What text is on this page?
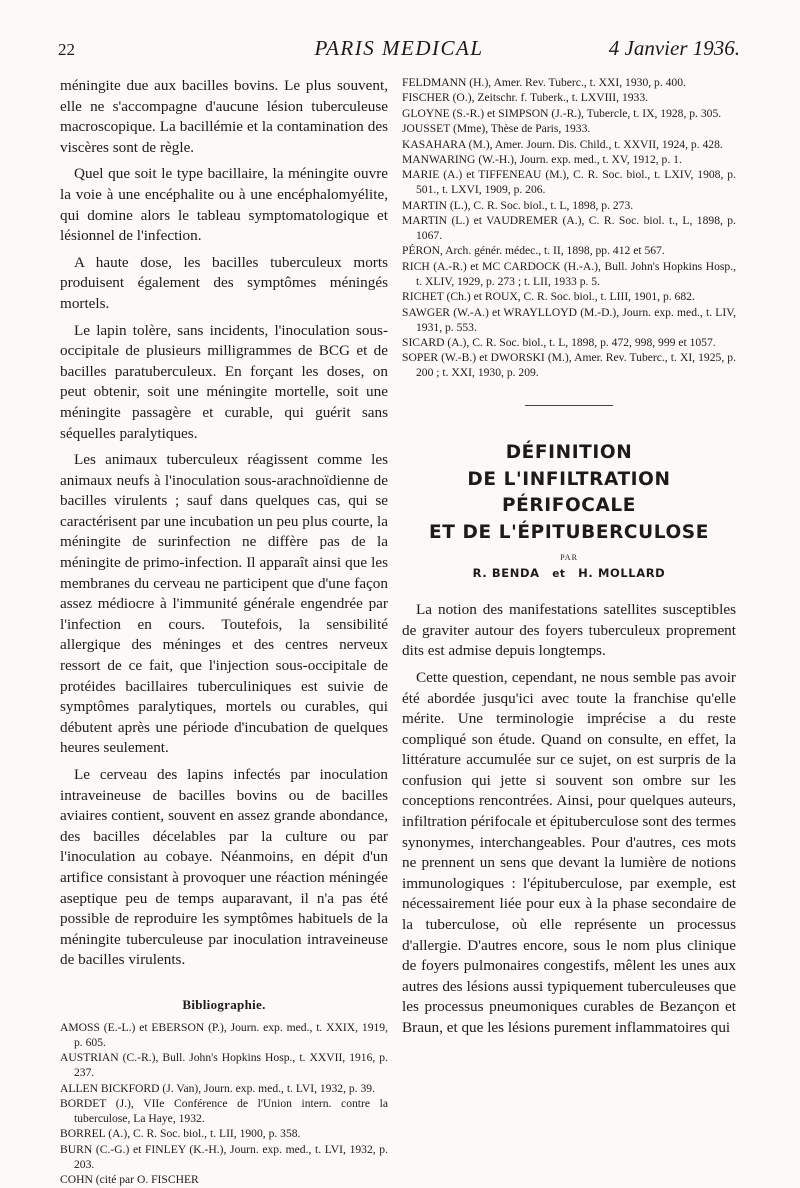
22	PARIS MEDICAL	4 Janvier 1936.

méningite due aux bacilles bovins. Le plus souvent, elle ne s'accompagne d'aucune lésion tuberculeuse macroscopique. La bacillémie et la contamination des viscères sont de règle.

Quel que soit le type bacillaire, la méningite ouvre la voie à une encéphalite ou à une encéphalomyélite, qui domine alors le tableau symptomatologique et lésionnel de l'infection.

A haute dose, les bacilles tuberculeux morts produisent également des symptômes méningés mortels.

Le lapin tolère, sans incidents, l'inoculation sous-occipitale de plusieurs milligrammes de BCG et de bacilles paratuberculeux. En forçant les doses, on peut obtenir, soit une méningite mortelle, soit une méningite passagère et curable, qui guérit sans séquelles paralytiques.

Les animaux tuberculeux réagissent comme les animaux neufs à l'inoculation sous-arachnoïdienne de bacilles virulents ; sauf dans quelques cas, qui se caractérisent par une incubation un peu plus courte, la méningite de surinfection ne diffère pas de la méningite de primo-infection. Il apparaît ainsi que les membranes du cerveau ne participent que d'une façon assez médiocre à l'immunité générale engendrée par l'infection en cours. Toutefois, la sensibilité allergique des méninges et des centres nerveux ressort de ce fait, que l'injection sous-occipitale de protéides bacillaires tuberculiniques est suivie de symptômes paralytiques, mortels ou curables, qui débutent après une période d'incubation de quelques heures seulement.

Le cerveau des lapins infectés par inoculation intraveineuse de bacilles bovins ou de bacilles aviaires contient, souvent en assez grande abondance, des bacilles décelables par la culture ou par l'inoculation au cobaye. Néanmoins, en dépit d'un artifice consistant à provoquer une réaction méningée aseptique peu de temps auparavant, il n'a pas été possible de reproduire les symptômes habituels de la méningite tuberculeuse par inoculation intraveineuse de bacilles virulents.

Bibliographie.
AMOSS (E.-L.) et EBERSON (P.), Journ. exp. med., t. XXIX, 1919, p. 605.
AUSTRIAN (C.-R.), Bull. John's Hopkins Hosp., t. XXVII, 1916, p. 237.
ALLEN BICKFORD (J. Van), Journ. exp. med., t. LVI, 1932, p. 39.
BORDET (J.), VIIe Conférence de l'Union intern. contre la tuberculose, La Haye, 1932.
BORREL (A.), C. R. Soc. biol., t. LII, 1900, p. 358.
BURN (C.-G.) et FINLEY (K.-H.), Journ. exp. med., t. LVI, 1932, p. 203.
COHN (cité par O. FISCHER
FELDMANN (H.), Amer. Rev. Tuberc., t. XXI, 1930, p. 400.
FISCHER (O.), Zeitschr. f. Tuberk., t. LXVIII, 1933.
GLOYNE (S.-R.) et SIMPSON (J.-R.), Tubercle, t. IX, 1928, p. 305.
JOUSSET (Mme), Thèse de Paris, 1933.
KASAHARA (M.), Amer. Journ. Dis. Child., t. XXVII, 1924, p. 428.
MANWARING (W.-H.), Journ. exp. med., t. XV, 1912, p. 1.
MARIE (A.) et TIFFENEAU (M.), C. R. Soc. biol., t. LXIV, 1908, p. 501., t. LXVI, 1909, p. 206.
MARTIN (L.), C. R. Soc. biol., t. L, 1898, p. 273.
MARTIN (L.) et VAUDREMER (A.), C. R. Soc. biol. t., L, 1898, p. 1067.
PÉRON, Arch. génér. médec., t. II, 1898, pp. 412 et 567.
RICH (A.-R.) et MC CARDOCK (H.-A.), Bull. John's Hopkins Hosp., t. XLIV, 1929, p. 273 ; t. LII, 1933 p. 5.
RICHET (Ch.) et ROUX, C. R. Soc. biol., t. LIII, 1901, p. 682.
SAWGER (W.-A.) et WRAYLLOYD (M.-D.), Journ. exp. med., t. LIV, 1931, p. 553.
SICARD (A.), C. R. Soc. biol., t. L, 1898, p. 472, 998, 999 et 1057.
SOPER (W.-B.) et DWORSKI (M.), Amer. Rev. Tuberc., t. XI, 1925, p. 200 ; t. XXI, 1930, p. 209.
DÉFINITION
DE L'INFILTRATION
PÉRIFOCALE
ET DE L'ÉPITUBERCULOSE
PAR
R. BENDA et H. MOLLARD

La notion des manifestations satellites susceptibles de graviter autour des foyers tuberculeux proprement dits est admise depuis longtemps.

Cette question, cependant, ne nous semble pas avoir été abordée jusqu'ici avec toute la franchise qu'elle mérite. Une terminologie imprécise a du reste compliqué son étude. Quand on consulte, en effet, la littérature accumulée sur ce sujet, on est surpris de la confusion qui jette si souvent son ombre sur les conceptions rencontrées. Ainsi, pour quelques auteurs, infiltration périfocale et épituberculose sont des termes synonymes, interchangeables. Pour d'autres, ces mots ne prennent un sens que devant la lumière de notions immunologiques : l'épituberculose, par exemple, est nécessairement liée pour eux à la phase secondaire de la tuberculose, où elle représente un processus d'allergie. D'autres encore, sous le nom plus clinique de foyers pulmonaires congestifs, mêlent les unes aux autres des lésions aussi typiquement tuberculeuses que les processus pneumoniques curables de Bezançon et Braun, et que les lésions purement inflammatoires qui
